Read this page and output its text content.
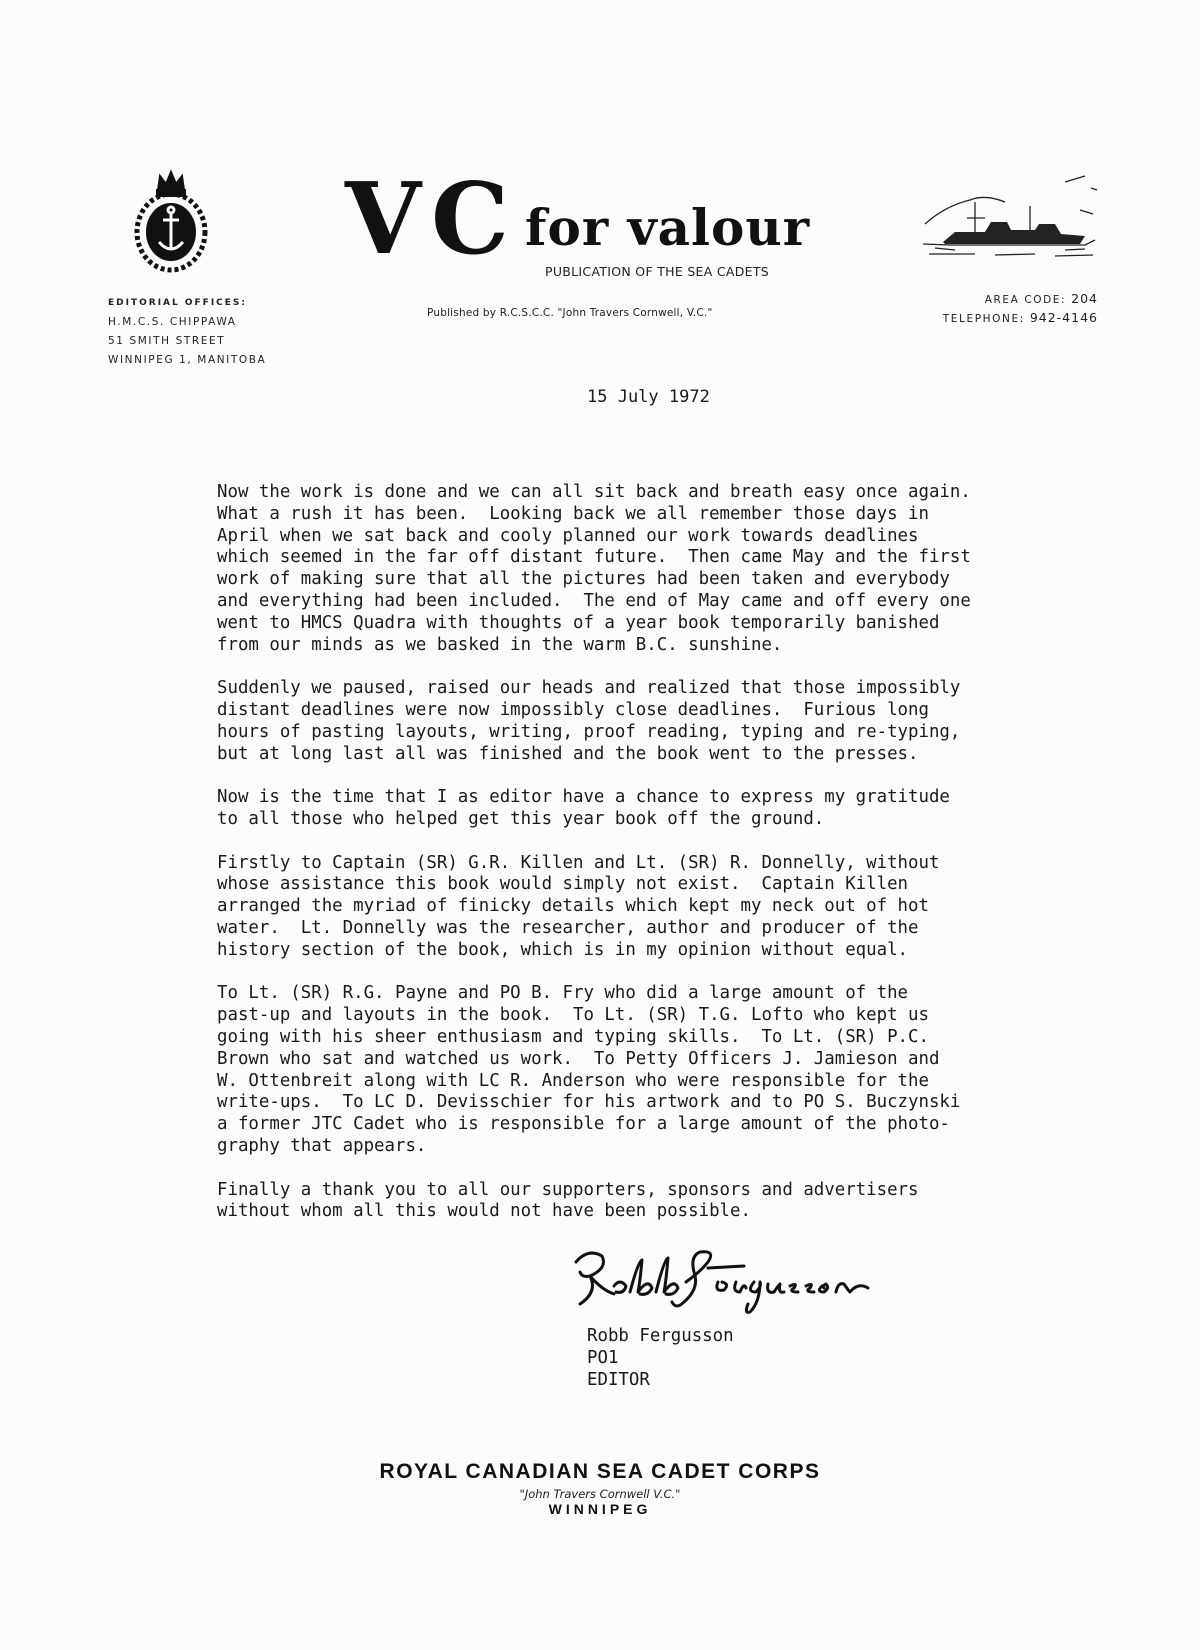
VC for valour
PUBLICATION OF THE SEA CADETS
EDITORIAL OFFICES:
H.M.C.S. CHIPPAWA
51 SMITH STREET
WINNIPEG 1, MANITOBA
Published by R.C.S.C.C. "John Travers Cornwell, V.C."
AREA CODE: 204
TELEPHONE: 942-4146
15 July 1972

Now the work is done and we can all sit back and breath easy once again.
What a rush it has been.  Looking back we all remember those days in
April when we sat back and cooly planned our work towards deadlines
which seemed in the far off distant future.  Then came May and the first
work of making sure that all the pictures had been taken and everybody
and everything had been included.  The end of May came and off every one
went to HMCS Quadra with thoughts of a year book temporarily banished
from our minds as we basked in the warm B.C. sunshine.

Suddenly we paused, raised our heads and realized that those impossibly
distant deadlines were now impossibly close deadlines.  Furious long
hours of pasting layouts, writing, proof reading, typing and re-typing,
but at long last all was finished and the book went to the presses.

Now is the time that I as editor have a chance to express my gratitude
to all those who helped get this year book off the ground.

Firstly to Captain (SR) G.R. Killen and Lt. (SR) R. Donnelly, without
whose assistance this book would simply not exist.  Captain Killen
arranged the myriad of finicky details which kept my neck out of hot
water.  Lt. Donnelly was the researcher, author and producer of the
history section of the book, which is in my opinion without equal.

To Lt. (SR) R.G. Payne and PO B. Fry who did a large amount of the
past-up and layouts in the book.  To Lt. (SR) T.G. Lofto who kept us
going with his sheer enthusiasm and typing skills.  To Lt. (SR) P.C.
Brown who sat and watched us work.  To Petty Officers J. Jamieson and
W. Ottenbreit along with LC R. Anderson who were responsible for the
write-ups.  To LC D. Devisschier for his artwork and to PO S. Buczynski
a former JTC Cadet who is responsible for a large amount of the photo-
graphy that appears.

Finally a thank you to all our supporters, sponsors and advertisers
without whom all this would not have been possible.

Robb Fergusson
PO1
EDITOR
ROYAL CANADIAN SEA CADET CORPS
"John Travers Cornwell V.C."
WINNIPEG
